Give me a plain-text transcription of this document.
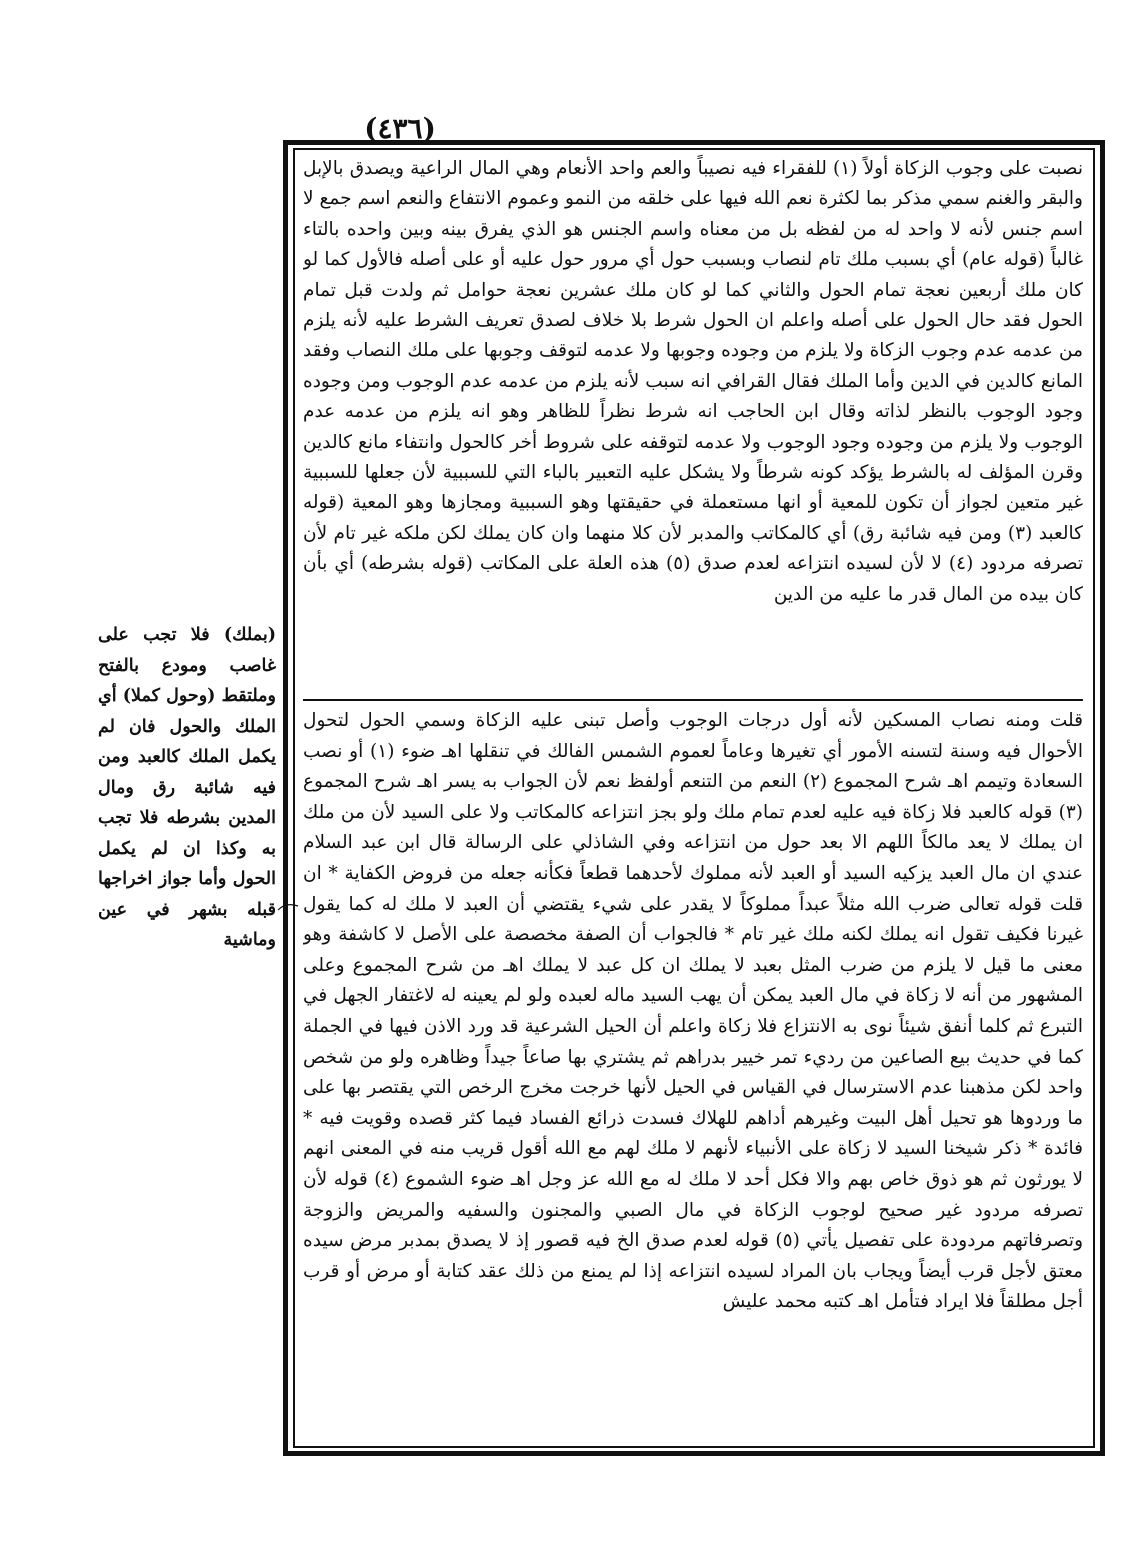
(٤٣٦)

نصبت على وجوب الزكاة أولاً (١) للفقراء فيه نصيباً والعم واحد الأنعام وهي المال الراعية ويصدق بالإبل والبقر والغنم سمي مذكر بما لكثرة نعم الله فيها على خلقه من النمو وعموم الانتفاع والنعم اسم جمع لا اسم جنس لأنه لا واحد له من لفظه بل من معناه واسم الجنس هو الذي يفرق بينه وبين واحده بالتاء غالباً (قوله عام) أي بسبب ملك تام لنصاب وبسبب حول أي مرور حول عليه أو على أصله فالأول كما لو كان ملك أربعين نعجة تمام الحول والثاني كما لو كان ملك عشرين نعجة حوامل ثم ولدت قبل تمام الحول فقد حال الحول على أصله واعلم ان الحول شرط بلا خلاف لصدق تعريف الشرط عليه لأنه يلزم من عدمه عدم وجوب الزكاة ولا يلزم من وجوده وجوبها ولا عدمه لتوقف وجوبها على ملك النصاب وفقد المانع كالدين في الدين وأما الملك فقال القرافي انه سبب لأنه يلزم من عدمه عدم الوجوب ومن وجوده وجود الوجوب بالنظر لذاته وقال ابن الحاجب انه شرط نظراً للظاهر وهو انه يلزم من عدمه عدم الوجوب ولا يلزم من وجوده وجود الوجوب ولا عدمه لتوقفه على شروط أخر كالحول وانتفاء مانع كالدين وقرن المؤلف له بالشرط يؤكد كونه شرطاً ولا يشكل عليه التعبير بالباء التي للسببية لأن جعلها للسببية غير متعين لجواز أن تكون للمعية أو انها مستعملة في حقيقتها وهو السببية ومجازها وهو المعية (قوله كالعبد (٣) ومن فيه شائبة رق) أي كالمكاتب والمدبر لأن كلا منهما وان كان يملك لكن ملكه غير تام لأن تصرفه مردود (٤) لا لأن لسيده انتزاعه لعدم صدق (٥) هذه العلة على المكاتب (قوله بشرطه) أي بأن كان بيده من المال قدر ما عليه من الدين

قلت ومنه نصاب المسكين لأنه أول درجات الوجوب وأصل تبنى عليه الزكاة وسمي الحول لتحول الأحوال فيه وسنة لتسنه الأمور أي تغيرها وعاماً لعموم الشمس الفالك في تنقلها اهـ ضوء (١) أو نصب السعادة وتيمم اهـ شرح المجموع (٢) النعم من التنعم أولفظ نعم لأن الجواب به يسر اهـ شرح المجموع (٣) قوله كالعبد فلا زكاة فيه عليه لعدم تمام ملك ولو بجز انتزاعه كالمكاتب ولا على السيد لأن من ملك ان يملك لا يعد مالكاً اللهم الا بعد حول من انتزاعه وفي الشاذلي على الرسالة قال ابن عبد السلام عندي ان مال العبد يزكيه السيد أو العبد لأنه مملوك لأحدهما قطعاً فكأنه جعله من فروض الكفاية * ان قلت قوله تعالى ضرب الله مثلاً عبداً مملوكاً لا يقدر على شيء يقتضي أن العبد لا ملك له كما يقول غيرنا فكيف تقول انه يملك لكنه ملك غير تام * فالجواب أن الصفة مخصصة على الأصل لا كاشفة وهو معنى ما قيل لا يلزم من ضرب المثل بعبد لا يملك ان كل عبد لا يملك اهـ من شرح المجموع وعلى المشهور من أنه لا زكاة في مال العبد يمكن أن يهب السيد ماله لعبده ولو لم يعينه له لاغتفار الجهل في التبرع ثم كلما أنفق شيئاً نوى به الانتزاع فلا زكاة واعلم أن الحيل الشرعية قد ورد الاذن فيها في الجملة كما في حديث بيع الصاعين من رديء تمر خيير بدراهم ثم يشتري بها صاعاً جيداً وظاهره ولو من شخص واحد لكن مذهبنا عدم الاسترسال في القياس في الحيل لأنها خرجت مخرج الرخص التي يقتصر بها على ما وردوها هو تحيل أهل البيت وغيرهم أداهم للهلاك فسدت ذرائع الفساد فيما كثر قصده وقويت فيه * فائدة * ذكر شيخنا السيد لا زكاة على الأنبياء لأنهم لا ملك لهم مع الله أقول قريب منه في المعنى انهم لا يورثون ثم هو ذوق خاص بهم والا فكل أحد لا ملك له مع الله عز وجل اهـ ضوء الشموع (٤) قوله لأن تصرفه مردود غير صحيح لوجوب الزكاة في مال الصبي والمجنون والسفيه والمريض والزوجة وتصرفاتهم مردودة على تفصيل يأتي (٥) قوله لعدم صدق الخ فيه قصور إذ لا يصدق بمدبر مرض سيده معتق لأجل قرب أيضاً ويجاب بان المراد لسيده انتزاعه إذا لم يمنع من ذلك عقد كتابة أو مرض أو قرب أجل مطلقاً فلا ايراد فتأمل اهـ كتبه محمد عليش

(بملك) فلا تجب على غاصب ومودع بالفتح وملتقط (وحول كملا) أي الملك والحول فان لم يكمل الملك كالعبد ومن فيه شائبة رق ومال المدين بشرطه فلا تجب به وكذا ان لم يكمل الحول وأما جواز اخراجها قبله بشهر في عين وماشية
